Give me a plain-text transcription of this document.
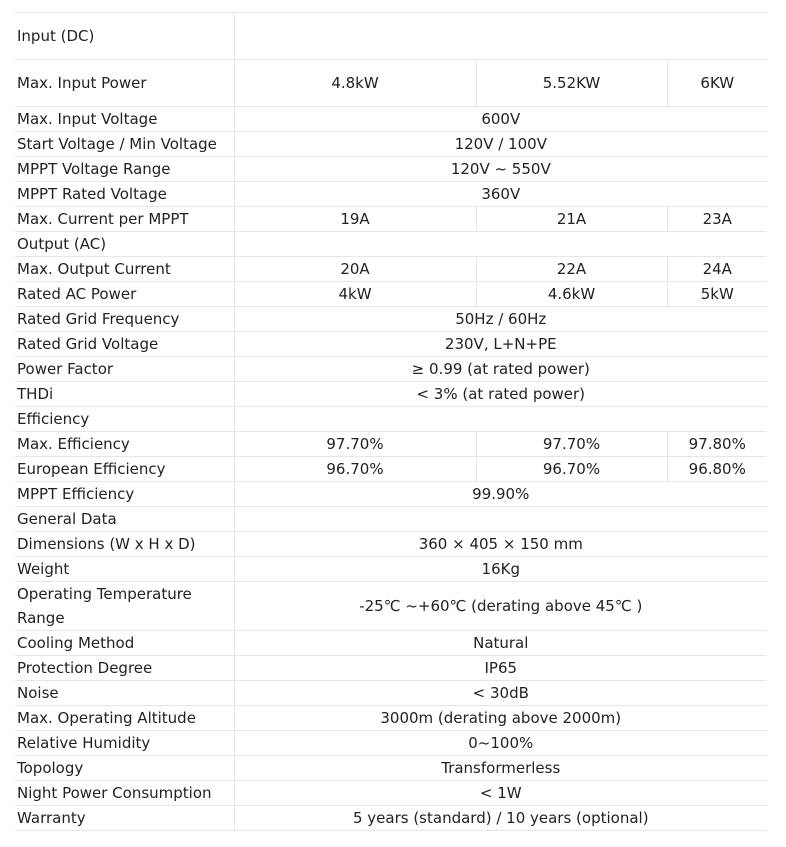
Input (DC)			
Max. Input Power	4.8kW	5.52KW	6KW
Max. Input Voltage	600V		
Start Voltage / Min Voltage	120V / 100V		
MPPT Voltage Range	120V ~ 550V		
MPPT Rated Voltage	360V		
Max. Current per MPPT	19A	21A	23A
Output (AC)			
Max. Output Current	20A	22A	24A
Rated AC Power	4kW	4.6kW	5kW
Rated Grid Frequency	50Hz / 60Hz		
Rated Grid Voltage	230V, L+N+PE		
Power Factor	≥ 0.99 (at rated power)		
THDi	< 3% (at rated power)		
Efficiency			
Max. Efficiency	97.70%	97.70%	97.80%
European Efficiency	96.70%	96.70%	96.80%
MPPT Efficiency	99.90%		
General Data			
Dimensions (W x H x D)	360 × 405 × 150 mm		
Weight	16Kg		
Operating Temperature Range	-25℃ ~+60℃ (derating above 45℃ )		
Cooling Method	Natural		
Protection Degree	IP65		
Noise	< 30dB		
Max. Operating Altitude	3000m (derating above 2000m)		
Relative Humidity	0~100%		
Topology	Transformerless		
Night Power Consumption	< 1W		
Warranty	5 years (standard) / 10 years (optional)		
